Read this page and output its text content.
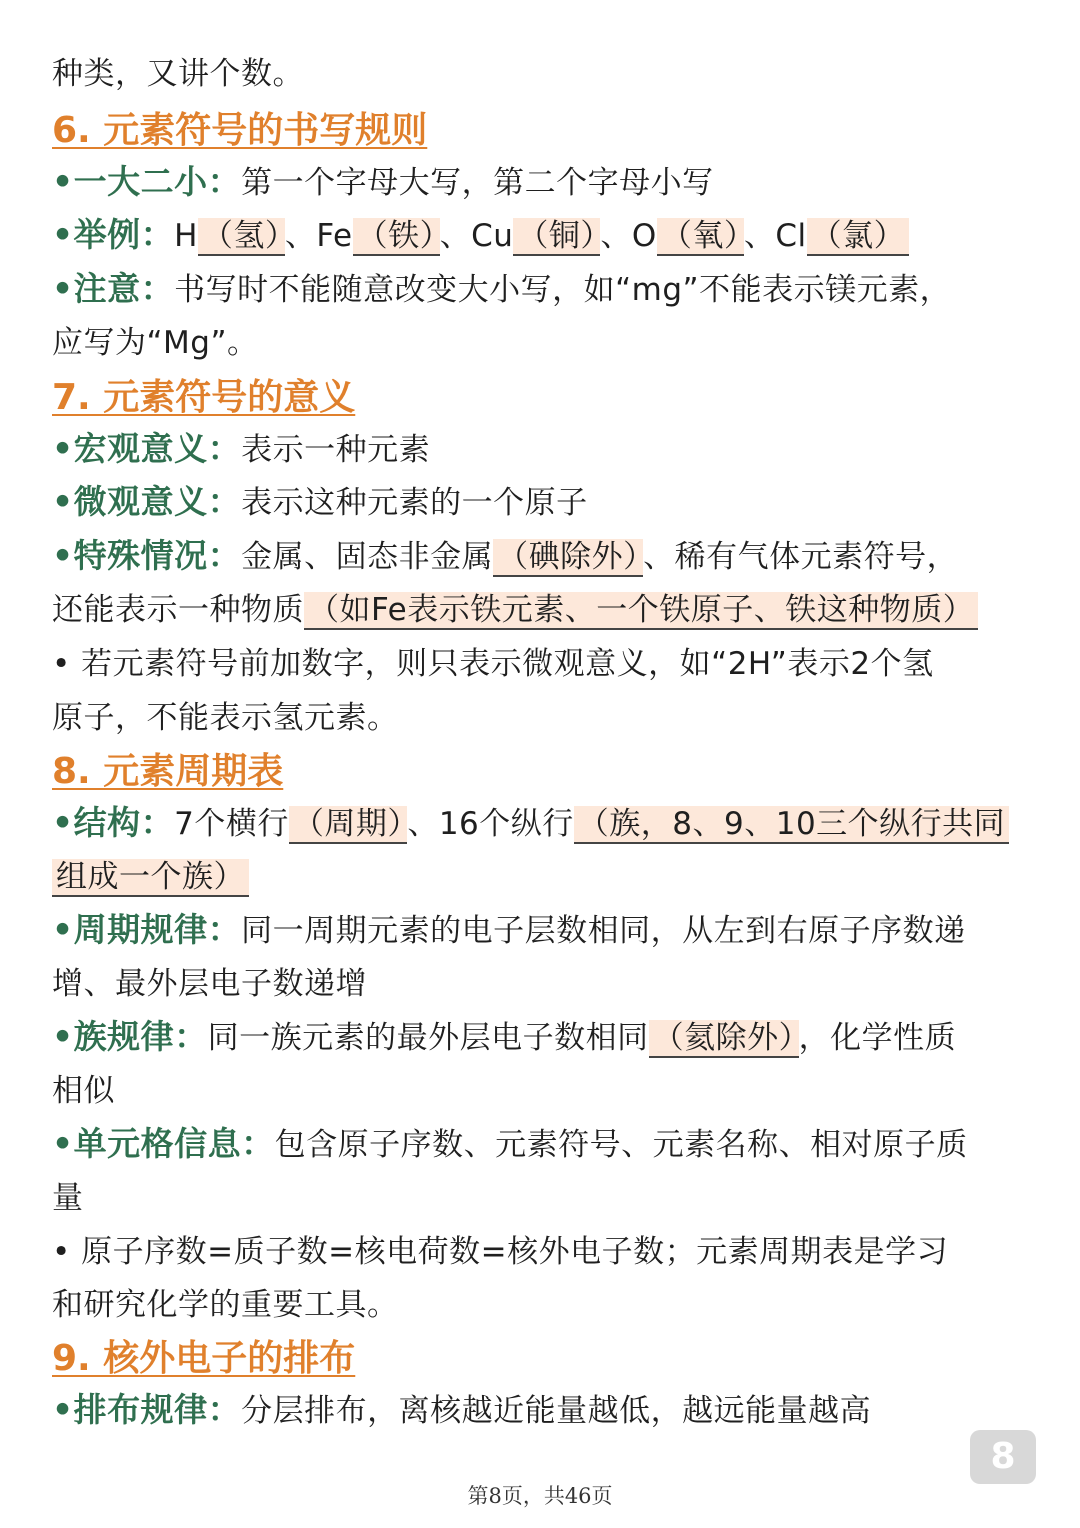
种类，又讲个数。
6. 元素符号的书写规则
•一大二小：第一个字母大写，第二个字母小写
•举例：H （氢） 、Fe （铁） 、Cu （铜） 、O （氧） 、Cl （氯）
•注意：书写时不能随意改变大小写，如“mg”不能表示镁元素，
应写为“Mg”。
7. 元素符号的意义
•宏观意义：表示一种元素
•微观意义：表示这种元素的一个原子
•特殊情况：金属、固态非金属 （碘除外） 、稀有气体元素符号，
还能表示一种物质 （如Fe表示铁元素、一个铁原子、铁这种物质）
• 若元素符号前加数字，则只表示微观意义，如“2H”表示2个氢
原子，不能表示氢元素。
8. 元素周期表
•结构：7个横行 （周期） 、16个纵行 （族，8、9、10三个纵行共同
组成一个族）
•周期规律：同一周期元素的电子层数相同，从左到右原子序数递
增、最外层电子数递增
•族规律：同一族元素的最外层电子数相同 （氦除外） ，化学性质
相似
•单元格信息：包含原子序数、元素符号、元素名称、相对原子质
量
• 原子序数=质子数=核电荷数=核外电子数；元素周期表是学习
和研究化学的重要工具。
9. 核外电子的排布
•排布规律：分层排布，离核越近能量越低，越远能量越高
8
第8页，共46页
